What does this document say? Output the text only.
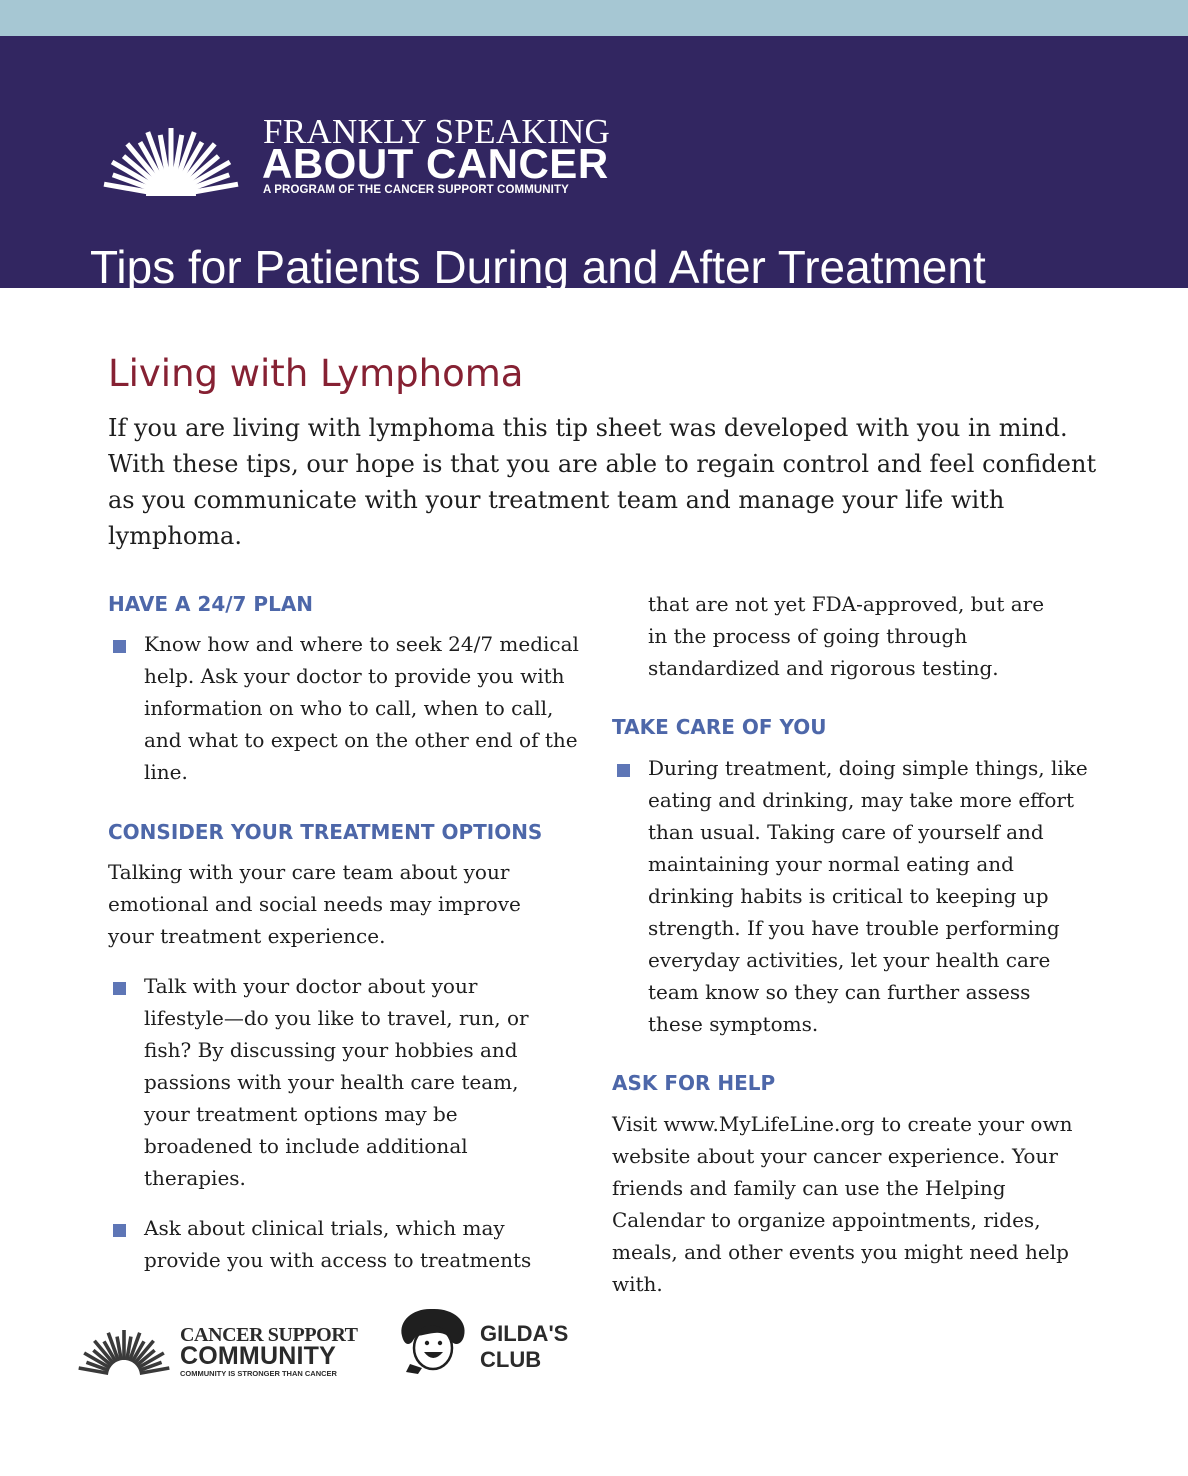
FRANKLY SPEAKING
ABOUT CANCER
A PROGRAM OF THE CANCER SUPPORT COMMUNITY
Tips for Patients During and After Treatment
Living with Lymphoma

If you are living with lymphoma this tip sheet was developed with you in mind. With these tips, our hope is that you are able to regain control and feel confident as you communicate with your treatment team and manage your life with lymphoma.

HAVE A 24/7 PLAN
Know how and where to seek 24/7 medical help. Ask your doctor to provide you with information on who to call, when to call, and what to expect on the other end of the line.
CONSIDER YOUR TREATMENT OPTIONS

Talking with your care team about your emotional and social needs may improve your treatment experience.

Talk with your doctor about your lifestyle—do you like to travel, run, or fish? By discussing your hobbies and passions with your health care team, your treatment options may be broadened to include additional therapies.
Ask about clinical trials, which may provide you with access to treatments

that are not yet FDA-approved, but are in the process of going through standardized and rigorous testing.

TAKE CARE OF YOU
During treatment, doing simple things, like eating and drinking, may take more effort than usual. Taking care of yourself and maintaining your normal eating and drinking habits is critical to keeping up strength. If you have trouble performing everyday activities, let your health care team know so they can further assess these symptoms.
ASK FOR HELP

Visit www.MyLifeLine.org to create your own website about your cancer experience. Your friends and family can use the Helping Calendar to organize appointments, rides, meals, and other events you might need help with.

CANCER SUPPORT
COMMUNITY
COMMUNITY IS STRONGER THAN CANCER
GILDA'S
CLUB
